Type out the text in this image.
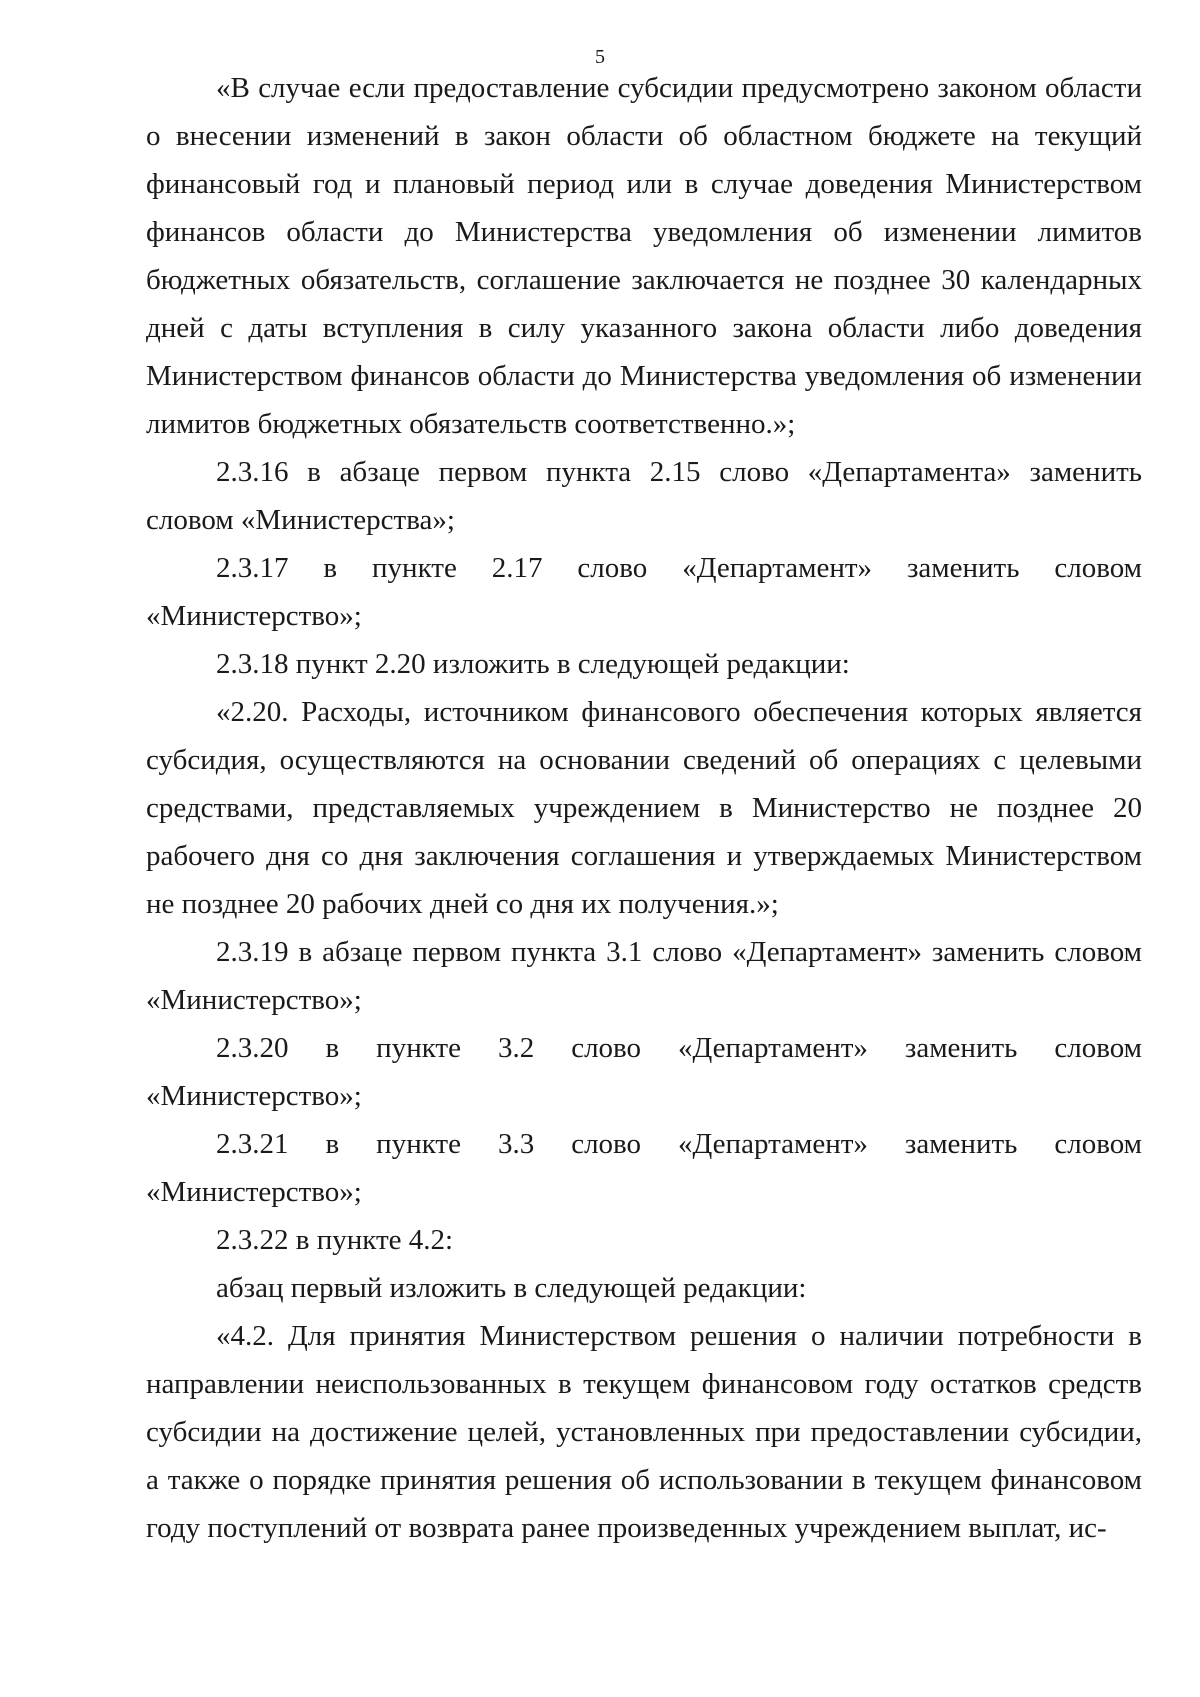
5

«В случае если предоставление субсидии предусмотрено законом области о внесении изменений в закон области об областном бюджете на текущий финансовый год и плановый период или в случае доведения Министерством финансов области до Министерства уведомления об изменении лимитов бюджетных обязательств, соглашение заключается не позднее 30 календарных дней с даты вступления в силу указанного закона области либо доведения Министерством финансов области до Министерства уведомления об изменении лимитов бюджетных обязательств соответственно.»;

2.3.16 в абзаце первом пункта 2.15 слово «Департамента» заменить словом «Министерства»;

2.3.17 в пункте 2.17 слово «Департамент» заменить словом «Министерство»;

2.3.18 пункт 2.20 изложить в следующей редакции:

«2.20. Расходы, источником финансового обеспечения которых является субсидия, осуществляются на основании сведений об операциях с целевыми средствами, представляемых учреждением в Министерство не позднее 20 рабочего дня со дня заключения соглашения и утверждаемых Министерством не позднее 20 рабочих дней со дня их получения.»;

2.3.19 в абзаце первом пункта 3.1 слово «Департамент» заменить словом «Министерство»;

2.3.20 в пункте 3.2 слово «Департамент» заменить словом «Министерство»;

2.3.21 в пункте 3.3 слово «Департамент» заменить словом «Министерство»;

2.3.22 в пункте 4.2:

абзац первый изложить в следующей редакции:

«4.2. Для принятия Министерством решения о наличии потребности в направлении неиспользованных в текущем финансовом году остатков средств субсидии на достижение целей, установленных при предоставлении субсидии, а также о порядке принятия решения об использовании в текущем финансовом году поступлений от возврата ранее произведенных учреждением выплат, ис-
